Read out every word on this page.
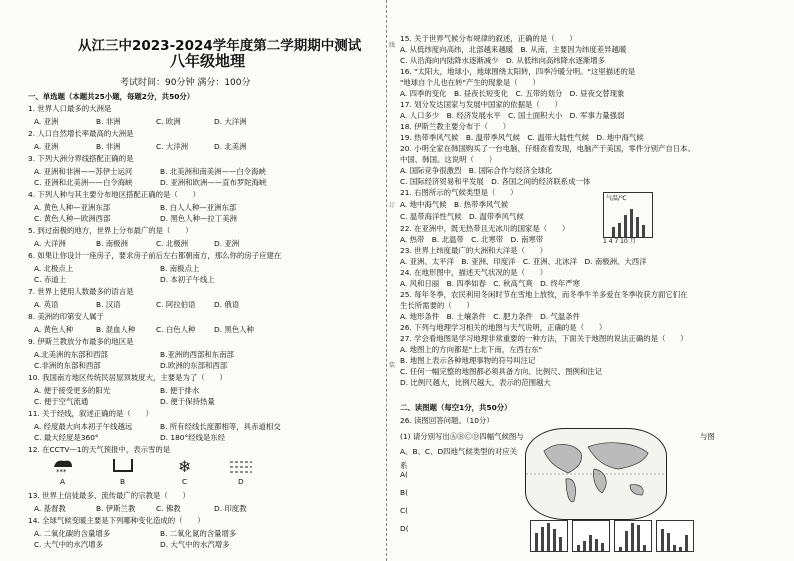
从江三中2023-2024学年度第二学期期中测试
八年级地理
考试时间：90分钟 满分：100分
一、单选题（本题共25小题，每题2分，共50分）
1. 世界人口最多的大洲是
A. 亚洲	B. 非洲	C. 欧洲	D. 大洋洲
2. 人口自然增长率最高的大洲是
A. 亚洲	B. 非洲	C. 大洋洲	D. 北美洲
3. 下列大洲分界线搭配正确的是
A. 亚洲和非洲——苏伊士运河	B. 北美洲和南美洲——白令海峡
C. 亚洲和北美洲——白令海峡	D. 亚洲和欧洲——直布罗陀海峡
4. 下列人种与其主要分布地区搭配正确的是（　　）
A. 黄色人种—亚洲东部	B. 白人人种—亚洲东部
C. 黄色人种—欧洲西部	D. 黑色人种—拉丁美洲
5. 到过南极的地方，世界上分布最广的是（　　）
A. 大洋洲	B. 南极洲	C. 北极洲	D. 亚洲
6. 如果让你设计一座房子，要求房子前后左右都朝南方，那么你的房子应建在
A. 北极点上	B. 南极点上
C. 赤道上	D. 本初子午线上
7. 世界上使用人数最多的语言是
A. 英语	B. 汉语	C. 阿拉伯语	D. 俄语
8. 美洲的印第安人属于
A. 黄色人种	B. 混血人种	C. 白色人种	D. 黑色人种
9. 伊斯兰教放分布最多的地区是
A.北美洲的东部和西部	B.亚洲的西部和东南部
C.非洲的东部和西部	D.欧洲的东部和西部
10. 我国南方地区传统民居屋顶坡度大，主要是为了（　　）
A. 便于接受更多的阳光	B. 便于排水
C. 便于空气流通	D. 便于保持热量
11. 关于经线，叙述正确的是（　　）
A. 经度最大向本初子午线越远	B. 所有经线长度都相等，具赤道相交
C. 最大经度是360°	D. 180°经线是东经
12. 在CCTV—1的天气预报中，表示雪的是
***
A	B
❄
C	D
13. 世界上信徒最多、流传最广的宗教是（　　）
A. 基督教	B. 伊斯兰教	C. 佛教	D. 印度教
14. 全球气候变暖主要是下列哪种变化造成的（　　）
A. 二氧化碳的含量增多	B. 二氧化氮的含量增多
C. 大气中的水汽增多	D. 大气中的水汽增多
线
订
装
15. 关于世界气候分布规律的叙述，正确的是（　　）
A. 从低纬度向高纬，北部越来越暖　B. 从南，主要因为纬度差异越暖
C. 从沿海向内陆降水逐渐减少　D. 从低纬向高纬降水逐渐增多
16. "太阳大，地球小，地球围绕太阳转，四季冷暖分明。"这里描述的是
"地球自个儿也在转"产生的现象是（　　）
A. 四季的变化　B. 昼夜长短变化　C. 五带的划分　D. 昼夜交替现象
17. 划分发达国家与发展中国家的依据是（　　）
A. 人口多少　B. 经济发展水平　C. 国土面积大小　D. 军事力量强弱
18. 伊斯兰教主要分布于（　　）
19. 热带季风气候　B. 温带季风气候　C. 温带大陆性气候　D. 地中海气候
20. 小明全家在韩国购买了一台电脑，仔细查看发现，电脑产于美国，零件分别产自日本、
中国、韩国。这说明（　　）
A. 国际竞争很激烈　B. 国际合作与经济全球化
C. 国际经济贸易和平发展　D. 各国之间的经济联系成一体
21. 右图所示的气候类型是（　　）
A. 地中海气候　B. 热带季风气候
C. 温带海洋性气候　D. 温带季风气候
22. 在亚洲中，既无热带且无冰川的国家是（　　）
A. 热带　B. 北温带　C. 北寒带　D. 南寒带
23. 世界上纬度最广的大洲和大洋是（　　）
A. 亚洲、太平洋　B. 亚洲、印度洋　C. 亚洲、北冰洋　D. 南极洲、大西洋
24. 在地形图中，描述天气状况的是（　　）
A. 风和日丽　B. 四季如春　C. 秋高气爽　D. 终年严寒
25. 每年冬季，农民利用冬闲时节在雪地上放牧，而冬季牛羊多爱在冬季收获方面它们在
生长所需要的（　　）
A. 地形条件　B. 土壤条件　C. 肥力条件　D. 气温条件
26. 下列与地理学习相关的地图与天气说明，正确的是（　　）
27. 学会看地图是学习地理非常重要的一种方法，下面关于地图的说法正确的是（　　）
A. 地图上的方向都是"上北下南，左西右东"
B. 地图上表示各种地理事物的符号叫注记
C. 任何一幅完整的地图都必须具备方向、比例尺、图例和注记
D. 比例尺越大，比例尺越大，表示的范围越大
气温/℃
1 4 7 10 月
二、读图题（每空1分，共50分）
26. 读图回答问题。（10分）
(1) 请分别写出ⒶⒷⒸⒹ四幅气候图与	与图
A、B、C、D四地气候类型的对应关
系
A(
B(
C(
D(
